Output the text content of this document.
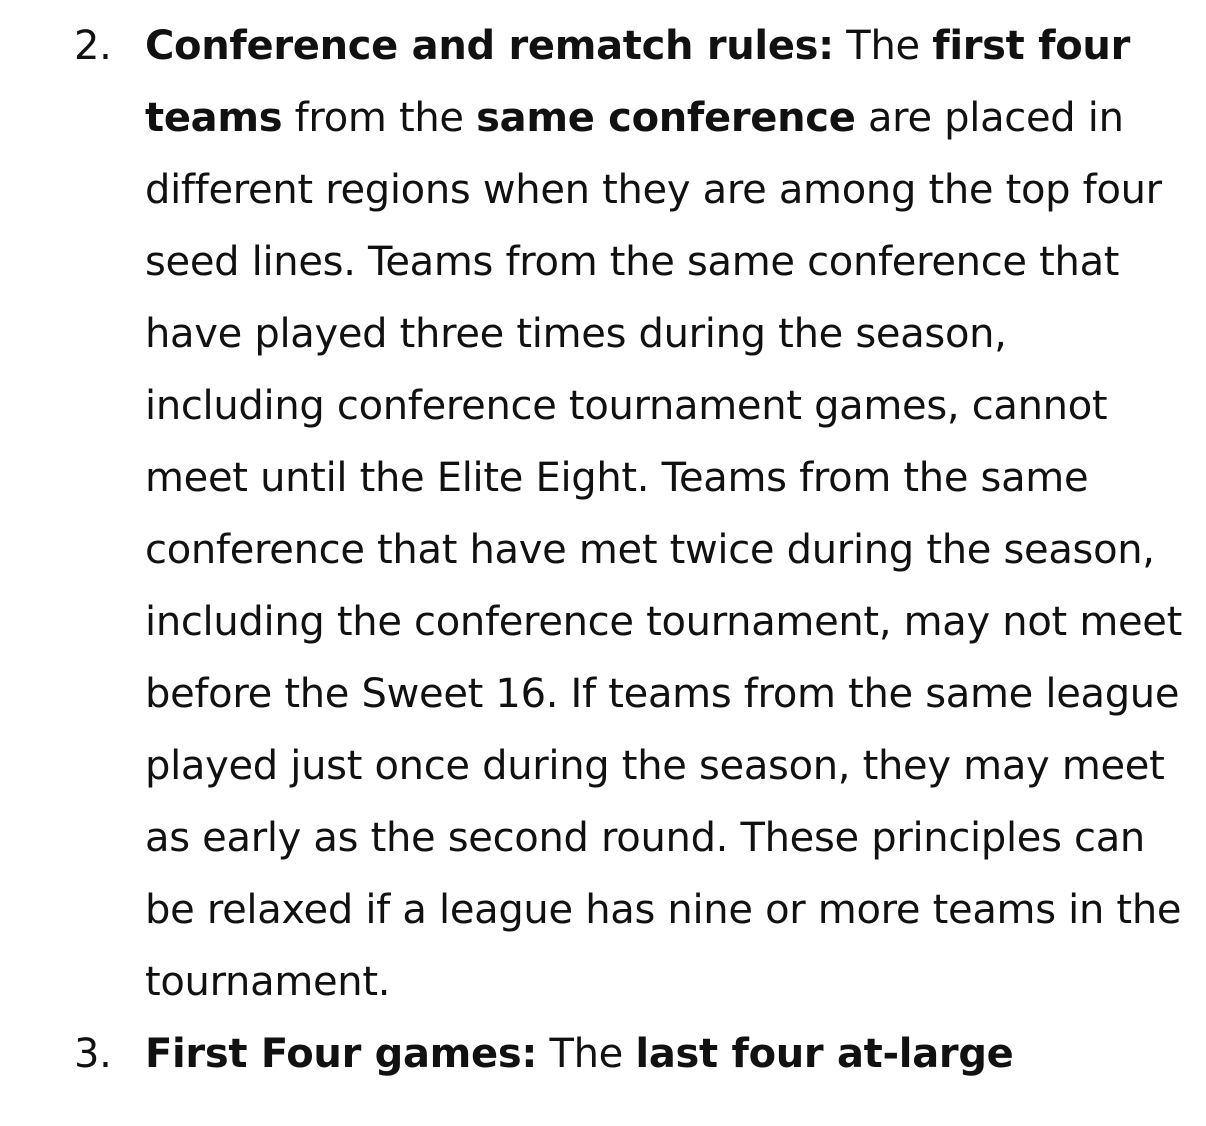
2. Conference and rematch rules: The first four teams from the same conference are placed in different regions when they are among the top four seed lines. Teams from the same conference that have played three times during the season, including conference tournament games, cannot meet until the Elite Eight. Teams from the same conference that have met twice during the season, including the conference tournament, may not meet before the Sweet 16. If teams from the same league played just once during the season, they may meet as early as the second round. These principles can be relaxed if a league has nine or more teams in the tournament.
3. First Four games: The last four at-large
